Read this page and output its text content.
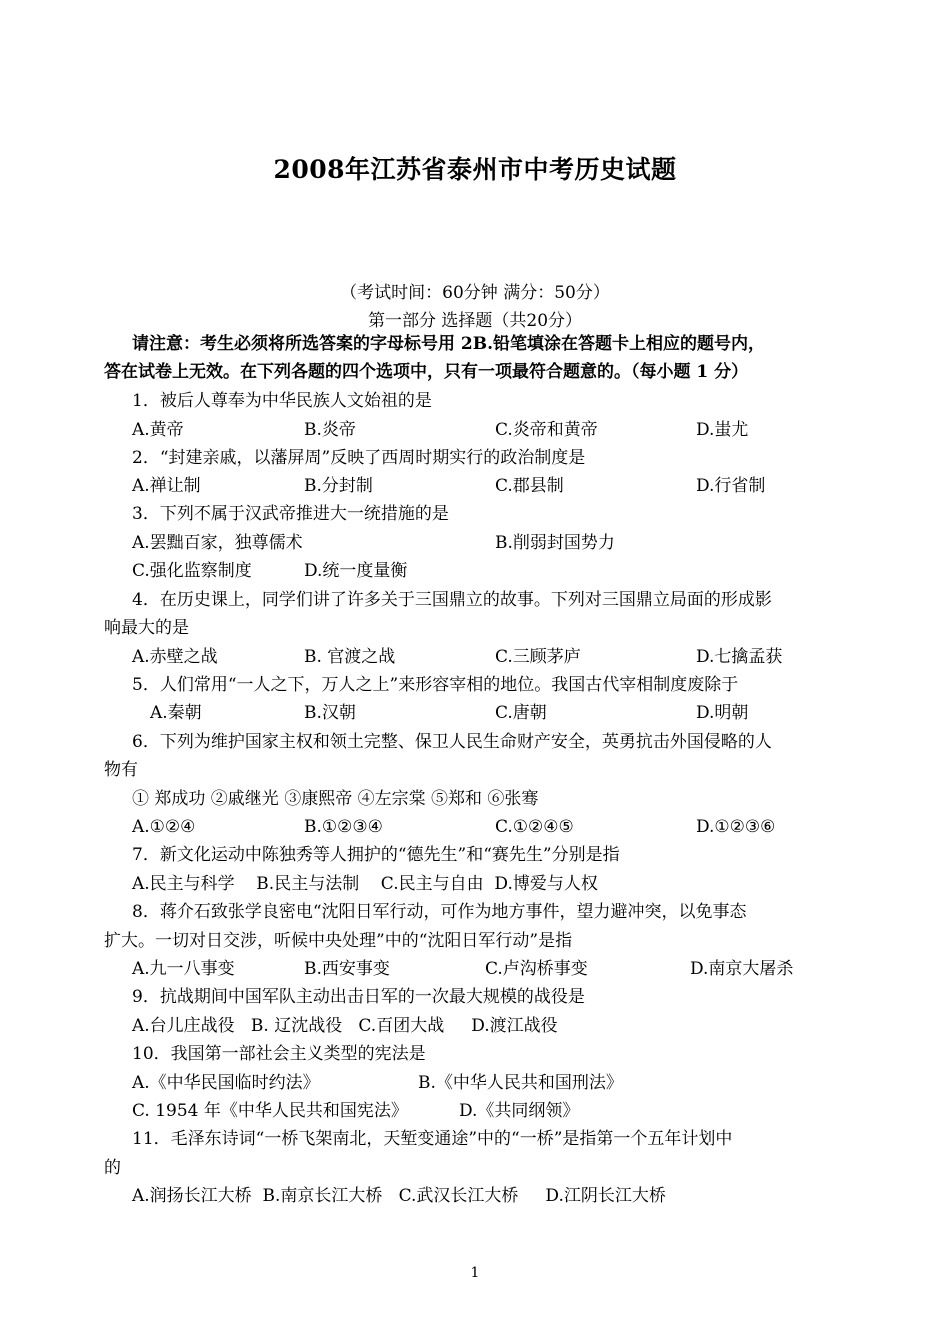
2008年江苏省泰州市中考历史试题
（考试时间：60分钟 满分：50分）
第一部分 选择题（共20分）
请注意：考生必须将所选答案的字母标号用 2B.铅笔填涂在答题卡上相应的题号内，
答在试卷上无效。在下列各题的四个选项中，只有一项最符合题意的。（每小题 1 分）
1．被后人尊奉为中华民族人文始祖的是
A.黄帝	B.炎帝	C.炎帝和黄帝	D.蚩尤
2．“封建亲戚，以藩屏周”反映了西周时期实行的政治制度是
A.禅让制	B.分封制	C.郡县制	D.行省制
3．下列不属于汉武帝推进大一统措施的是
A.罢黜百家，独尊儒术	B.削弱封国势力
C.强化监察制度	D.统一度量衡
4．在历史课上，同学们讲了许多关于三国鼎立的故事。下列对三国鼎立局面的形成影
响最大的是
A.赤壁之战	B. 官渡之战	C.三顾茅庐	D.七擒孟获
5．人们常用“一人之下，万人之上”来形容宰相的地位。我国古代宰相制度废除于
A.秦朝	B.汉朝	C.唐朝	D.明朝
6．下列为维护国家主权和领土完整、保卫人民生命财产安全，英勇抗击外国侵略的人
物有
① 郑成功 ②戚继光 ③康熙帝 ④左宗棠 ⑤郑和 ⑥张骞
A.①②④	B.①②③④	C.①②④⑤	D.①②③⑥
7．新文化运动中陈独秀等人拥护的“德先生”和“赛先生”分别是指
A.民主与科学    B.民主与法制    C.民主与自由  D.博爱与人权
8．蒋介石致张学良密电“沈阳日军行动，可作为地方事件，望力避冲突，以免事态
扩大。一切对日交涉，听候中央处理”中的“沈阳日军行动”是指
A.九一八事变	B.西安事变	C.卢沟桥事变	D.南京大屠杀
9．抗战期间中国军队主动出击日军的一次最大规模的战役是
A.台儿庄战役   B. 辽沈战役   C.百团大战     D.渡江战役
10．我国第一部社会主义类型的宪法是
A.《中华民国临时约法》	B.《中华人民共和国刑法》
C. 1954 年《中华人民共和国宪法》	D.《共同纲领》
11．毛泽东诗词“一桥飞架南北，天堑变通途”中的“一桥”是指第一个五年计划中
的
A.润扬长江大桥  B.南京长江大桥   C.武汉长江大桥     D.江阴长江大桥
1
